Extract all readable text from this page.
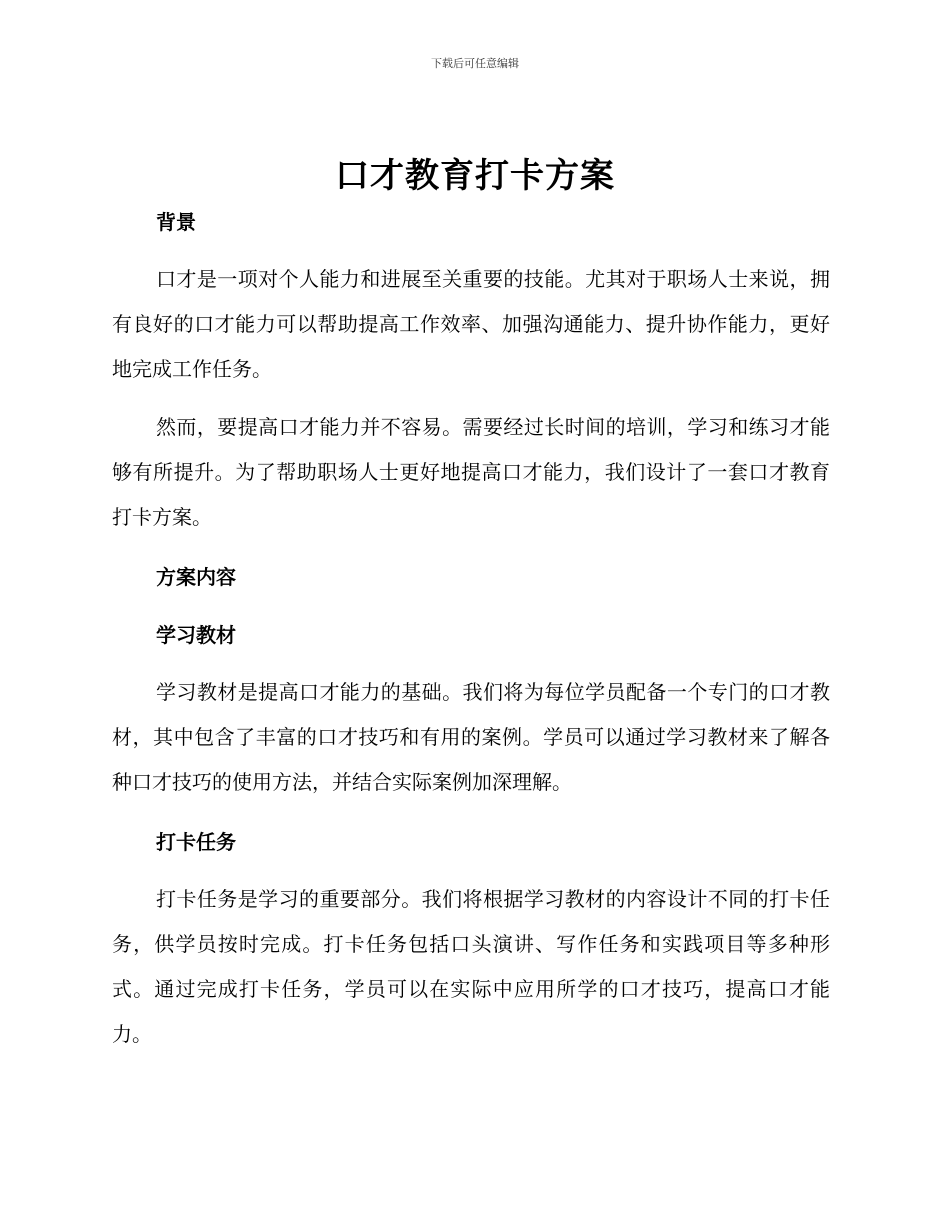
下载后可任意编辑

口才教育打卡方案
背景

口才是一项对个人能力和进展至关重要的技能。尤其对于职场人士来说，拥有良好的口才能力可以帮助提高工作效率、加强沟通能力、提升协作能力，更好地完成工作任务。

然而，要提高口才能力并不容易。需要经过长时间的培训，学习和练习才能够有所提升。为了帮助职场人士更好地提高口才能力，我们设计了一套口才教育打卡方案。

方案内容
学习教材

学习教材是提高口才能力的基础。我们将为每位学员配备一个专门的口才教材，其中包含了丰富的口才技巧和有用的案例。学员可以通过学习教材来了解各种口才技巧的使用方法，并结合实际案例加深理解。

打卡任务

打卡任务是学习的重要部分。我们将根据学习教材的内容设计不同的打卡任务，供学员按时完成。打卡任务包括口头演讲、写作任务和实践项目等多种形式。通过完成打卡任务，学员可以在实际中应用所学的口才技巧，提高口才能力。
